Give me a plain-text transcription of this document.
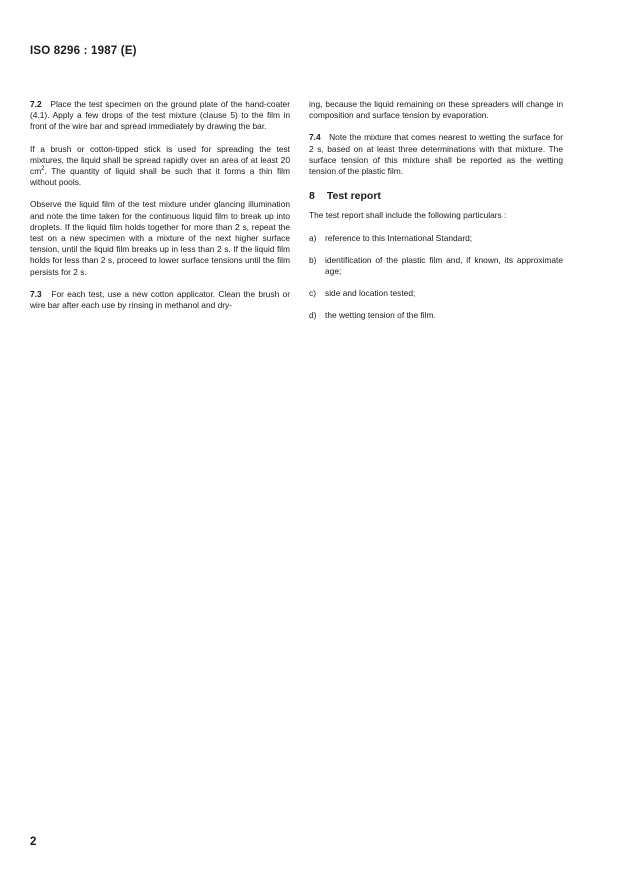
ISO 8296 : 1987 (E)

7.2 Place the test specimen on the ground plate of the hand-coater (4.1). Apply a few drops of the test mixture (clause 5) to the film in front of the wire bar and spread immediately by drawing the bar.

If a brush or cotton-tipped stick is used for spreading the test mixtures, the liquid shall be spread rapidly over an area of at least 20 $cm^2$. The quantity of liquid shall be such that it forms a thin film without pools.

Observe the liquid film of the test mixture under glancing illumination and note the time taken for the continuous liquid film to break up into droplets. If the liquid film holds together for more than 2 s, repeat the test on a new specimen with a mixture of the next higher surface tension, until the liquid film breaks up in less than 2 s. If the liquid film holds for less than 2 s, proceed to lower surface tensions until the film persists for 2 s.

7.3 For each test, use a new cotton applicator. Clean the brush or wire bar after each use by rinsing in methanol and dry-

ing, because the liquid remaining on these spreaders will change in composition and surface tension by evaporation.

7.4 Note the mixture that comes nearest to wetting the surface for 2 s, based on at least three determinations with that mixture. The surface tension of this mixture shall be reported as the wetting tension of the plastic film.

8 Test report

The test report shall include the following particulars :

a)	reference to this International Standard;
b)	identification of the plastic film and, if known, its approximate age;
c)	side and location tested;
d)	the wetting tension of the film.
2
